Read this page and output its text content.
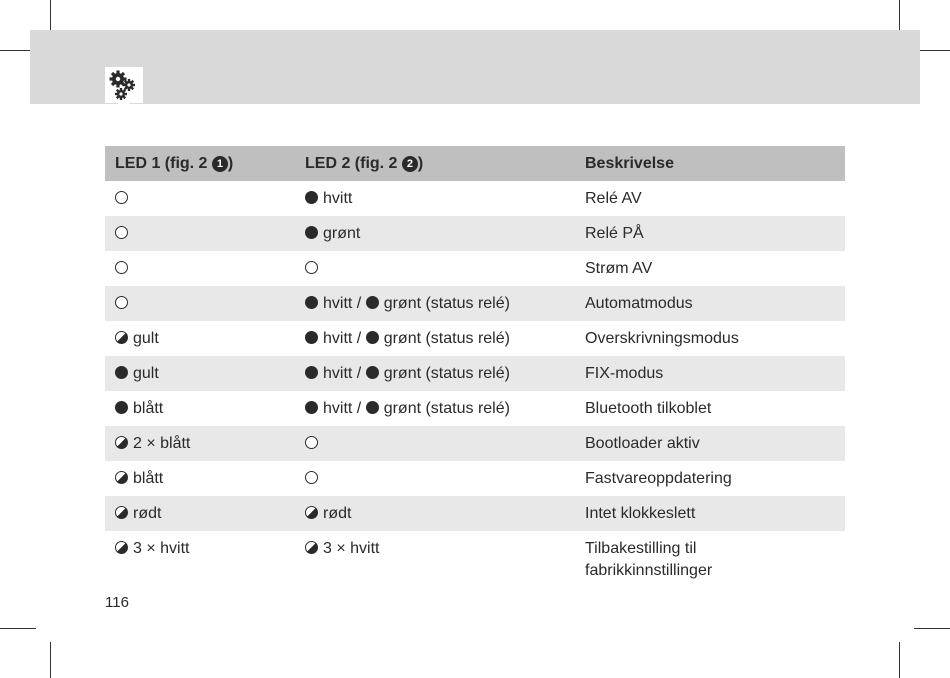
LED 1 (fig. 2 1 )	LED 2 (fig. 2 2 )	Beskrivelse
	hvitt	Relé AV
	grønt	Relé PÅ
		Strøm AV
	hvitt / grønt (status relé)	Automatmodus
gult	hvitt / grønt (status relé)	Overskrivningsmodus
gult	hvitt / grønt (status relé)	FIX-modus
blått	hvitt / grønt (status relé)	Bluetooth tilkoblet
2 × blått		Bootloader aktiv
blått		Fastvareoppdatering
rødt	rødt	Intet klokkeslett
3 × hvitt	3 × hvitt	Tilbakestilling til
fabrikkinnstillinger
116
